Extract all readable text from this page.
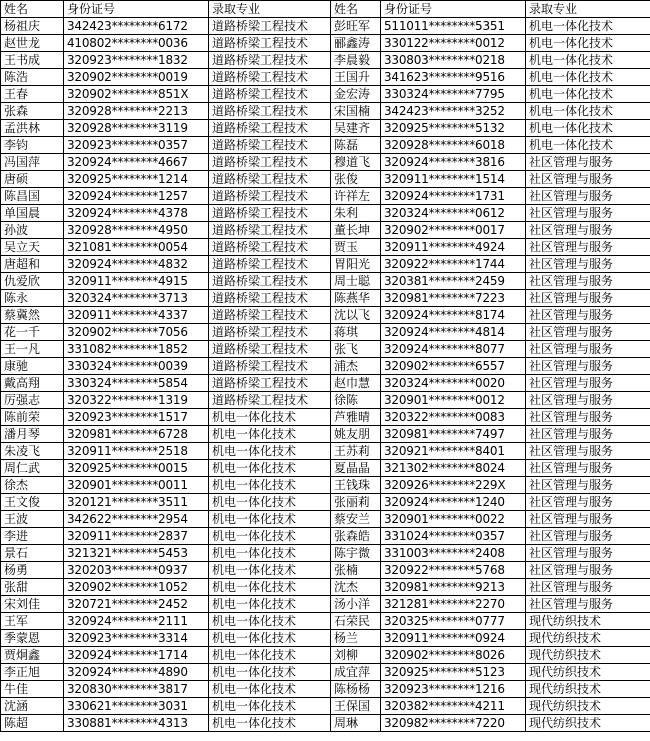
姓名	身份证号	录取专业	姓名	身份证号	录取专业
杨祖庆	342423********6172	道路桥梁工程技术	彭旺军	511011********5351	机电一体化技术
赵世龙	410802********0036	道路桥梁工程技术	郦鑫涛	330122********0012	机电一体化技术
王书成	320923********1832	道路桥梁工程技术	李晨毅	330803********0218	机电一体化技术
陈浩	320902********0019	道路桥梁工程技术	王国升	341623********9516	机电一体化技术
王春	320902********851X	道路桥梁工程技术	金宏涛	330324********7795	机电一体化技术
张森	320928********2213	道路桥梁工程技术	宋国楠	342423********3252	机电一体化技术
孟洪林	320928********3119	道路桥梁工程技术	吴建齐	320925********5132	机电一体化技术
李钧	320923********0357	道路桥梁工程技术	陈磊	320928********6018	机电一体化技术
冯国萍	320924********4667	道路桥梁工程技术	穆道飞	320924********3816	社区管理与服务
唐硕	320925********1214	道路桥梁工程技术	张俊	320911********1514	社区管理与服务
陈昌国	320924********1257	道路桥梁工程技术	许祥左	320924********1731	社区管理与服务
单国晨	320924********4378	道路桥梁工程技术	朱利	320324********0612	社区管理与服务
孙波	320928********4950	道路桥梁工程技术	董长坤	320902********0017	社区管理与服务
吴立天	321081********0054	道路桥梁工程技术	贾玉	320911********4924	社区管理与服务
唐超和	320924********4832	道路桥梁工程技术	胃阳光	320922********1744	社区管理与服务
仇爱欣	320911********4915	道路桥梁工程技术	周士聪	320381********2459	社区管理与服务
陈永	320324********3713	道路桥梁工程技术	陈燕华	320981********7223	社区管理与服务
蔡冀然	320911********4337	道路桥梁工程技术	沈以飞	320924********8174	社区管理与服务
花一千	320902********7056	道路桥梁工程技术	蒋琪	320924********4814	社区管理与服务
王一凡	331082********1852	道路桥梁工程技术	张飞	320924********8077	社区管理与服务
康驰	330324********0039	道路桥梁工程技术	浦杰	320902********6557	社区管理与服务
戴高翔	330324********5854	道路桥梁工程技术	赵巾慧	320324********0020	社区管理与服务
厉强志	320322********1319	道路桥梁工程技术	徐陈	320901********0012	社区管理与服务
陈前荣	320923********1517	机电一体化技术	芦雅晴	320322********0083	社区管理与服务
潘月琴	320981********6728	机电一体化技术	姚友朋	320981********7497	社区管理与服务
朱凌飞	320911********2518	机电一体化技术	王苏莉	320921********8401	社区管理与服务
周仁武	320925********0015	机电一体化技术	夏晶晶	321302********8024	社区管理与服务
徐杰	320901********0011	机电一体化技术	王钱珠	320926********229X	社区管理与服务
王文俊	320121********3511	机电一体化技术	张丽莉	320924********1240	社区管理与服务
王波	342622********2954	机电一体化技术	蔡安兰	320901********0022	社区管理与服务
李进	320911********2837	机电一体化技术	张森皓	331024********0357	社区管理与服务
景石	321321********5453	机电一体化技术	陈宇微	331003********2408	社区管理与服务
杨勇	320203********0937	机电一体化技术	张楠	320922********5768	社区管理与服务
张甜	320902********1052	机电一体化技术	沈杰	320981********9213	社区管理与服务
宋刘佳	320721********2452	机电一体化技术	汤小洋	321281********2270	社区管理与服务
王军	320924********2111	机电一体化技术	石荣民	320325********0777	现代纺织技术
季蒙恩	320923********3314	机电一体化技术	杨兰	320911********0924	现代纺织技术
贾炯鑫	320924********1714	机电一体化技术	刘柳	320902********8026	现代纺织技术
李正旭	320924********4890	机电一体化技术	成宜萍	320925********5123	现代纺织技术
牛佳	320830********3817	机电一体化技术	陈杨杨	320923********1216	现代纺织技术
沈涵	330621********3031	机电一体化技术	王保国	320382********4211	现代纺织技术
陈超	330881********4313	机电一体化技术	周琳	320982********7220	现代纺织技术
